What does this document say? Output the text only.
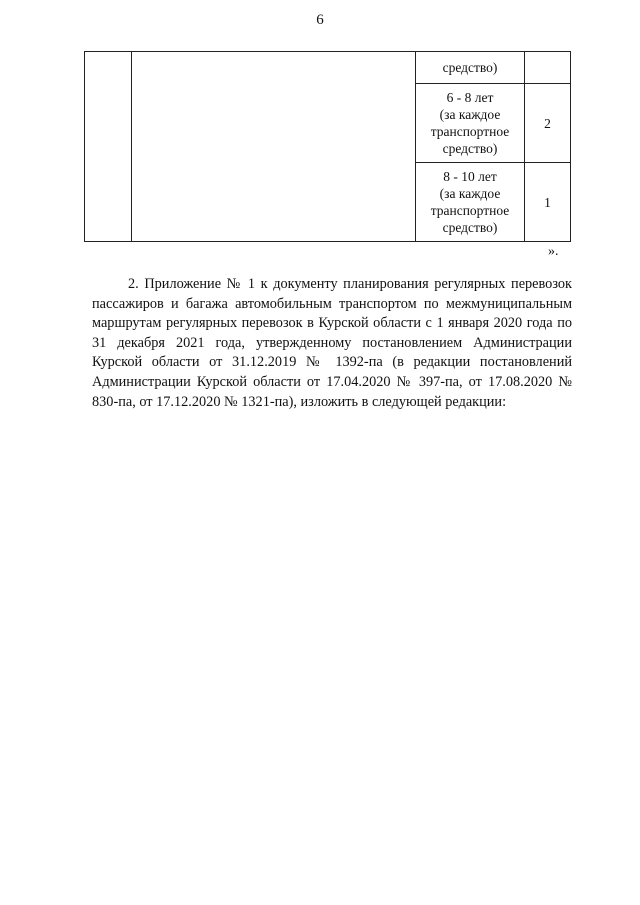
6

		средство)	

		6 - 8 лет
(за каждое
транспортное
средство)	2

		8 - 10 лет
(за каждое
транспортное
средство)	1
».

2. Приложение № 1 к документу планирования регулярных перевозок пассажиров и багажа автомобильным транспортом по межмуниципальным маршрутам регулярных перевозок в Курской области с 1 января 2020 года по 31 декабря 2021 года, утвержденному постановлением Администрации Курской области от 31.12.2019 № 1392-па (в редакции постановлений Администрации Курской области от 17.04.2020 № 397-па, от 17.08.2020 № 830-па, от 17.12.2020 № 1321-па), изложить в следующей редакции:
